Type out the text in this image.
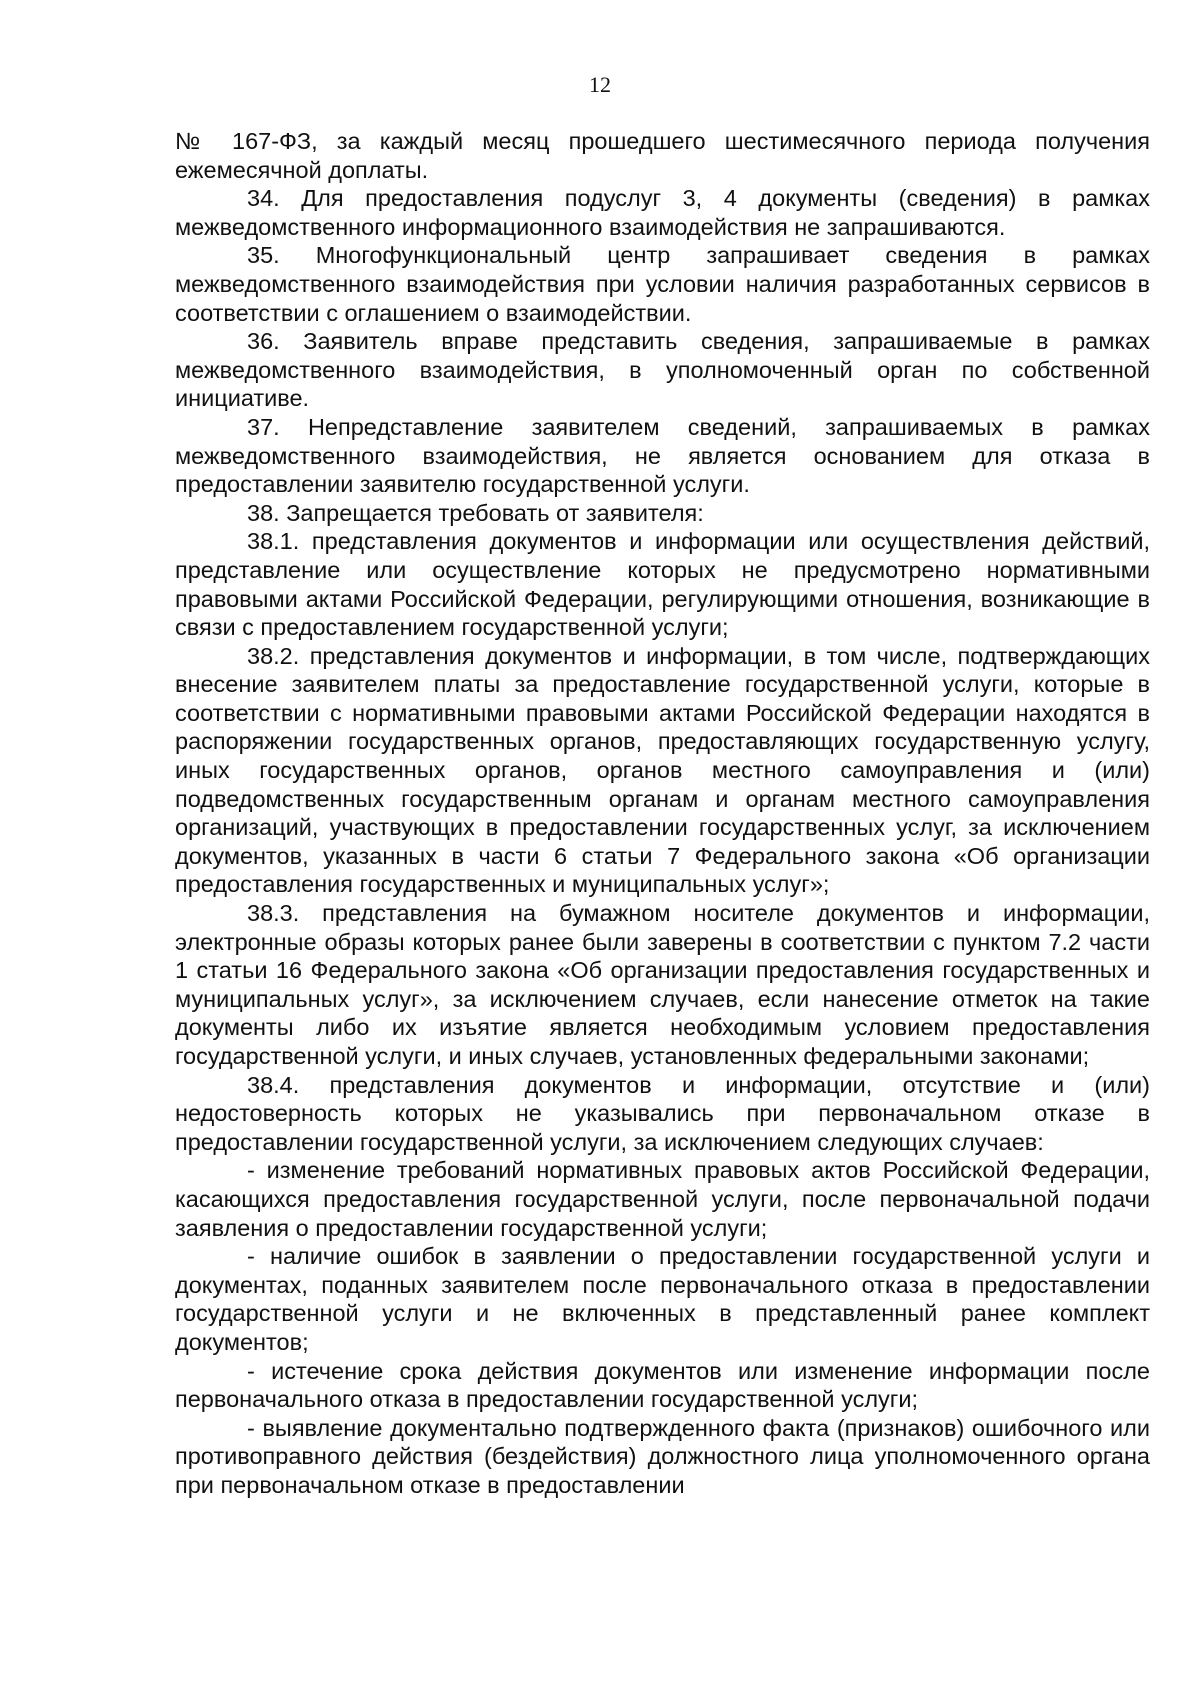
12

№ 167-ФЗ, за каждый месяц прошедшего шестимесячного периода получения ежемесячной доплаты.

34. Для предоставления подуслуг 3, 4 документы (сведения) в рамках межведомственного информационного взаимодействия не запрашиваются.

35. Многофункциональный центр запрашивает сведения в рамках межведомственного взаимодействия при условии наличия разработанных сервисов в соответствии с оглашением о взаимодействии.

36. Заявитель вправе представить сведения, запрашиваемые в рамках межведомственного взаимодействия, в уполномоченный орган по собственной инициативе.

37. Непредставление заявителем сведений, запрашиваемых в рамках межведомственного взаимодействия, не является основанием для отказа в предоставлении заявителю государственной услуги.

38. Запрещается требовать от заявителя:

38.1. представления документов и информации или осуществления действий, представление или осуществление которых не предусмотрено нормативными правовыми актами Российской Федерации, регулирующими отношения, возникающие в связи с предоставлением государственной услуги;

38.2. представления документов и информации, в том числе, подтверждающих внесение заявителем платы за предоставление государственной услуги, которые в соответствии с нормативными правовыми актами Российской Федерации находятся в распоряжении государственных органов, предоставляющих государственную услугу, иных государственных органов, органов местного самоуправления и (или) подведомственных государственным органам и органам местного самоуправления организаций, участвующих в предоставлении государственных услуг, за исключением документов, указанных в части 6 статьи 7 Федерального закона «Об организации предоставления государственных и муниципальных услуг»;

38.3. представления на бумажном носителе документов и информации, электронные образы которых ранее были заверены в соответствии с пунктом 7.2 части 1 статьи 16 Федерального закона «Об организации предоставления государственных и муниципальных услуг», за исключением случаев, если нанесение отметок на такие документы либо их изъятие является необходимым условием предоставления государственной услуги, и иных случаев, установленных федеральными законами;

38.4. представления документов и информации, отсутствие и (или) недостоверность которых не указывались при первоначальном отказе в предоставлении государственной услуги, за исключением следующих случаев:

- изменение требований нормативных правовых актов Российской Федерации, касающихся предоставления государственной услуги, после первоначальной подачи заявления о предоставлении государственной услуги;

- наличие ошибок в заявлении о предоставлении государственной услуги и документах, поданных заявителем после первоначального отказа в предоставлении государственной услуги и не включенных в представленный ранее комплект документов;

- истечение срока действия документов или изменение информации после первоначального отказа в предоставлении государственной услуги;

- выявление документально подтвержденного факта (признаков) ошибочного или противоправного действия (бездействия) должностного лица уполномоченного органа при первоначальном отказе в предоставлении
